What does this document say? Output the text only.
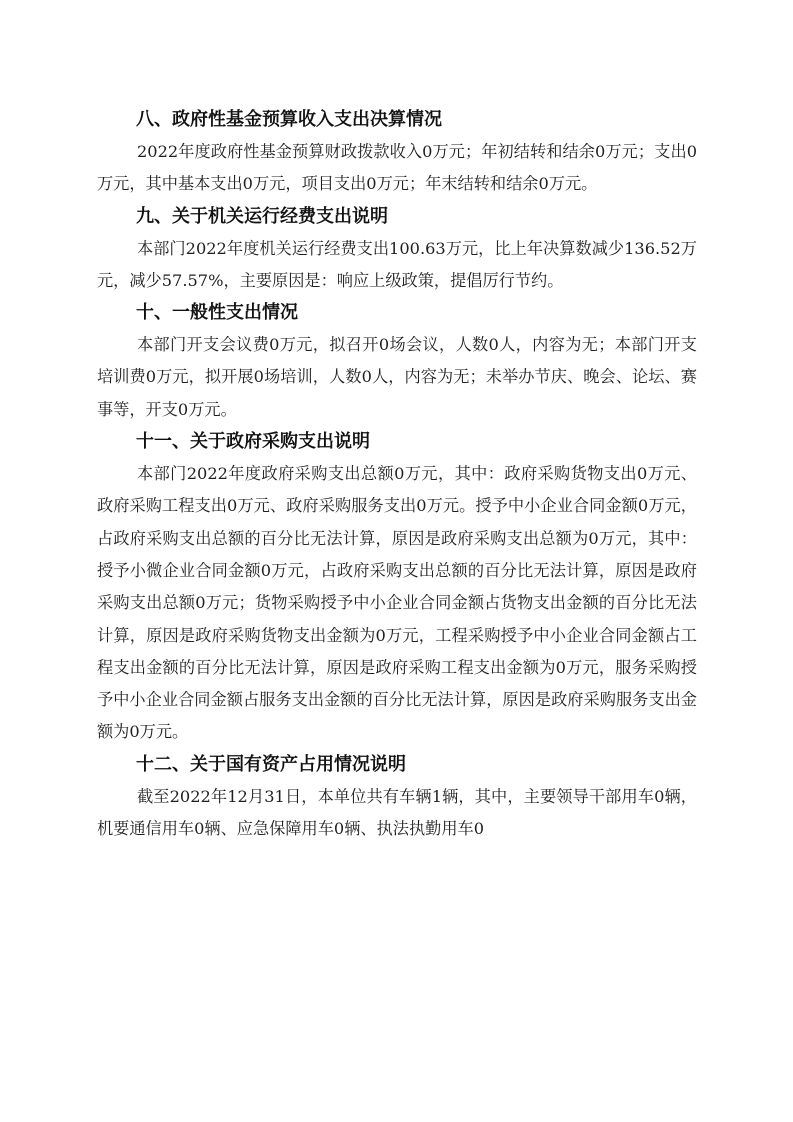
八、政府性基金预算收入支出决算情况

2022年度政府性基金预算财政拨款收入0万元；年初结转和结余0万元；支出0万元，其中基本支出0万元，项目支出0万元；年末结转和结余0万元。

九、关于机关运行经费支出说明

本部门2022年度机关运行经费支出100.63万元，比上年决算数减少136.52万元，减少57.57%，主要原因是：响应上级政策，提倡厉行节约。

十、一般性支出情况

本部门开支会议费0万元，拟召开0场会议，人数0人，内容为无；本部门开支培训费0万元，拟开展0场培训，人数0人，内容为无；未举办节庆、晚会、论坛、赛事等，开支0万元。

十一、关于政府采购支出说明

本部门2022年度政府采购支出总额0万元，其中：政府采购货物支出0万元、政府采购工程支出0万元、政府采购服务支出0万元。授予中小企业合同金额0万元，占政府采购支出总额的百分比无法计算，原因是政府采购支出总额为0万元，其中：授予小微企业合同金额0万元，占政府采购支出总额的百分比无法计算，原因是政府采购支出总额0万元；货物采购授予中小企业合同金额占货物支出金额的百分比无法计算，原因是政府采购货物支出金额为0万元，工程采购授予中小企业合同金额占工程支出金额的百分比无法计算，原因是政府采购工程支出金额为0万元，服务采购授予中小企业合同金额占服务支出金额的百分比无法计算，原因是政府采购服务支出金额为0万元。

十二、关于国有资产占用情况说明

截至2022年12月31日，本单位共有车辆1辆，其中，主要领导干部用车0辆，机要通信用车0辆、应急保障用车0辆、执法执勤用车0
